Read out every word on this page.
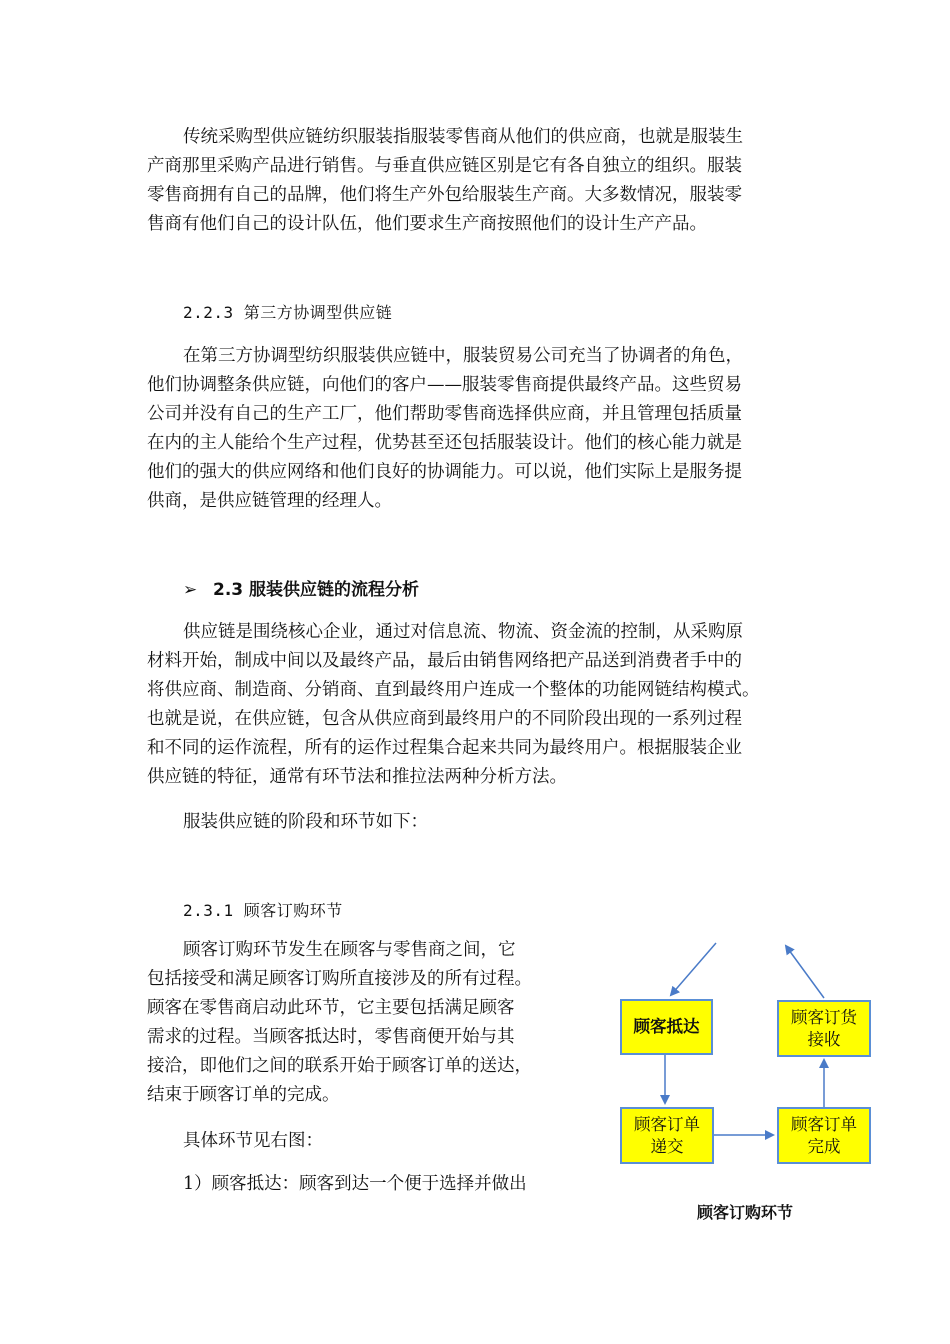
传统采购型供应链纺织服装指服装零售商从他们的供应商，也就是服装生
产商那里采购产品进行销售。与垂直供应链区别是它有各自独立的组织。服装
零售商拥有自己的品牌，他们将生产外包给服装生产商。大多数情况，服装零
售商有他们自己的设计队伍，他们要求生产商按照他们的设计生产产品。

2.2.3 第三方协调型供应链

在第三方协调型纺织服装供应链中，服装贸易公司充当了协调者的角色，
他们协调整条供应链，向他们的客户——服装零售商提供最终产品。这些贸易
公司并没有自己的生产工厂，他们帮助零售商选择供应商，并且管理包括质量
在内的主人能给个生产过程，优势甚至还包括服装设计。他们的核心能力就是
他们的强大的供应网络和他们良好的协调能力。可以说，他们实际上是服务提
供商，是供应链管理的经理人。

➢ 2.3 服装供应链的流程分析

供应链是围绕核心企业，通过对信息流、物流、资金流的控制，从采购原
材料开始，制成中间以及最终产品，最后由销售网络把产品送到消费者手中的
将供应商、制造商、分销商、直到最终用户连成一个整体的功能网链结构模式。
也就是说，在供应链，包含从供应商到最终用户的不同阶段出现的一系列过程
和不同的运作流程，所有的运作过程集合起来共同为最终用户。根据服装企业
供应链的特征，通常有环节法和推拉法两种分析方法。

服装供应链的阶段和环节如下：

2.3.1 顾客订购环节

顾客订购环节发生在顾客与零售商之间，它
包括接受和满足顾客订购所直接涉及的所有过程。
顾客在零售商启动此环节，它主要包括满足顾客
需求的过程。当顾客抵达时，零售商便开始与其
接洽，即他们之间的联系开始于顾客订单的送达，
结束于顾客订单的完成。

具体环节见右图：

1）顾客抵达：顾客到达一个便于选择并做出

顾客抵达	顾客订货接收
顾客订单递交
顾客订单完成

顾客订购环节
